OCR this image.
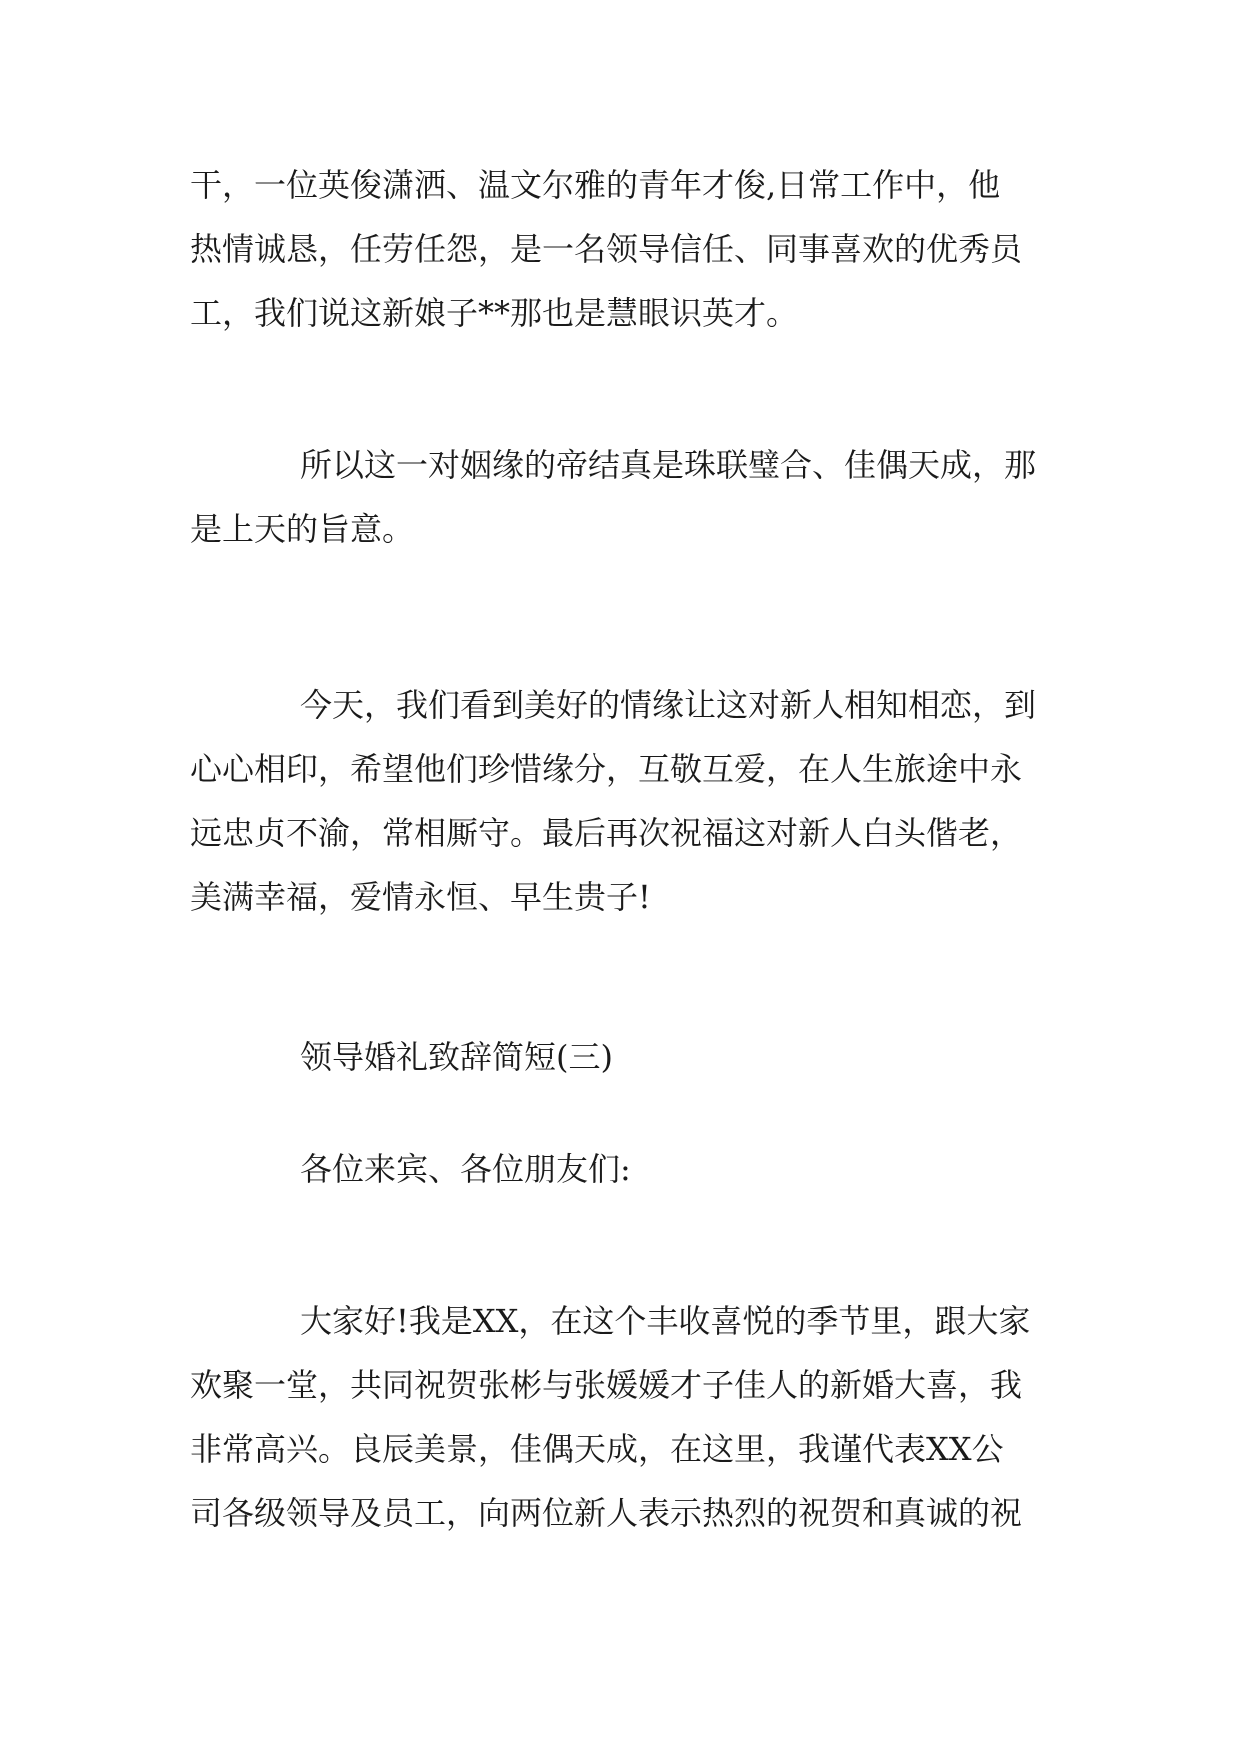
干，一位英俊潇洒、温文尔雅的青年才俊,日常工作中，他
热情诚恳，任劳任怨，是一名领导信任、同事喜欢的优秀员
工，我们说这新娘子**那也是慧眼识英才。
所以这一对姻缘的帝结真是珠联璧合、佳偶天成，那
是上天的旨意。
今天，我们看到美好的情缘让这对新人相知相恋，到
心心相印，希望他们珍惜缘分，互敬互爱，在人生旅途中永
远忠贞不渝，常相厮守。最后再次祝福这对新人白头偕老，
美满幸福，爱情永恒、早生贵子!
领导婚礼致辞简短(三)
各位来宾、各位朋友们:
大家好!我是XX，在这个丰收喜悦的季节里，跟大家
欢聚一堂，共同祝贺张彬与张媛媛才子佳人的新婚大喜，我
非常高兴。良辰美景，佳偶天成，在这里，我谨代表XX公
司各级领导及员工，向两位新人表示热烈的祝贺和真诚的祝
